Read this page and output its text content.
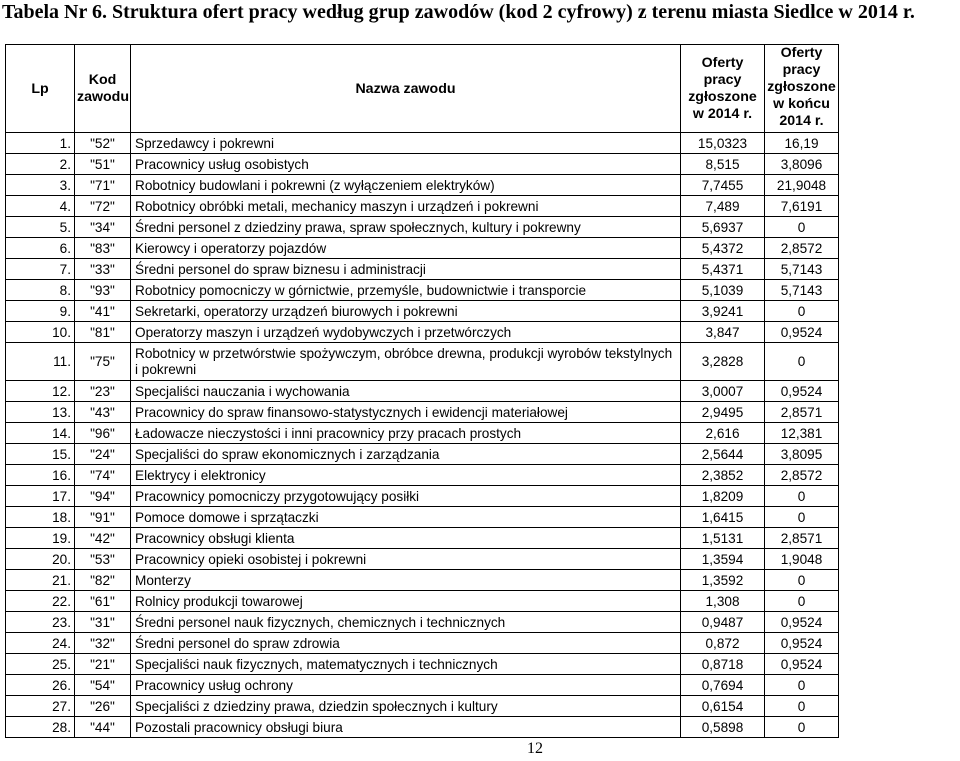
Tabela Nr 6. Struktura ofert pracy według grup zawodów (kod 2 cyfrowy) z terenu miasta Siedlce w 2014 r.
Lp	Kod zawodu	Nazwa zawodu	Oferty pracy zgłoszone w 2014 r.	Oferty pracy zgłoszone w końcu 2014 r.

1.	"52"	Sprzedawcy i pokrewni	15,0323	16,19
2.	"51"	Pracownicy usług osobistych	8,515	3,8096
3.	"71"	Robotnicy budowlani i pokrewni (z wyłączeniem elektryków)	7,7455	21,9048
4.	"72"	Robotnicy obróbki metali, mechanicy maszyn i urządzeń i pokrewni	7,489	7,6191
5.	"34"	Średni personel z dziedziny prawa, spraw społecznych, kultury i pokrewny	5,6937	0
6.	"83"	Kierowcy i operatorzy pojazdów	5,4372	2,8572
7.	"33"	Średni personel do spraw biznesu i administracji	5,4371	5,7143
8.	"93"	Robotnicy pomocniczy w górnictwie, przemyśle, budownictwie i transporcie	5,1039	5,7143
9.	"41"	Sekretarki, operatorzy urządzeń biurowych i pokrewni	3,9241	0
10.	"81"	Operatorzy maszyn i urządzeń wydobywczych i przetwórczych	3,847	0,9524
11.	"75"	Robotnicy w przetwórstwie spożywczym, obróbce drewna, produkcji wyrobów tekstylnych i pokrewni	3,2828	0
12.	"23"	Specjaliści nauczania i wychowania	3,0007	0,9524
13.	"43"	Pracownicy do spraw finansowo-statystycznych i ewidencji materiałowej	2,9495	2,8571
14.	"96"	Ładowacze nieczystości i inni pracownicy przy pracach prostych	2,616	12,381
15.	"24"	Specjaliści do spraw ekonomicznych i zarządzania	2,5644	3,8095
16.	"74"	Elektrycy i elektronicy	2,3852	2,8572
17.	"94"	Pracownicy pomocniczy przygotowujący posiłki	1,8209	0
18.	"91"	Pomoce domowe i sprzątaczki	1,6415	0
19.	"42"	Pracownicy obsługi klienta	1,5131	2,8571
20.	"53"	Pracownicy opieki osobistej i pokrewni	1,3594	1,9048
21.	"82"	Monterzy	1,3592	0
22.	"61"	Rolnicy produkcji towarowej	1,308	0
23.	"31"	Średni personel nauk fizycznych, chemicznych i technicznych	0,9487	0,9524
24.	"32"	Średni personel do spraw zdrowia	0,872	0,9524
25.	"21"	Specjaliści nauk fizycznych, matematycznych i technicznych	0,8718	0,9524
26.	"54"	Pracownicy usług ochrony	0,7694	0
27.	"26"	Specjaliści z dziedziny prawa, dziedzin społecznych i kultury	0,6154	0
28.	"44"	Pozostali pracownicy obsługi biura	0,5898	0
12
